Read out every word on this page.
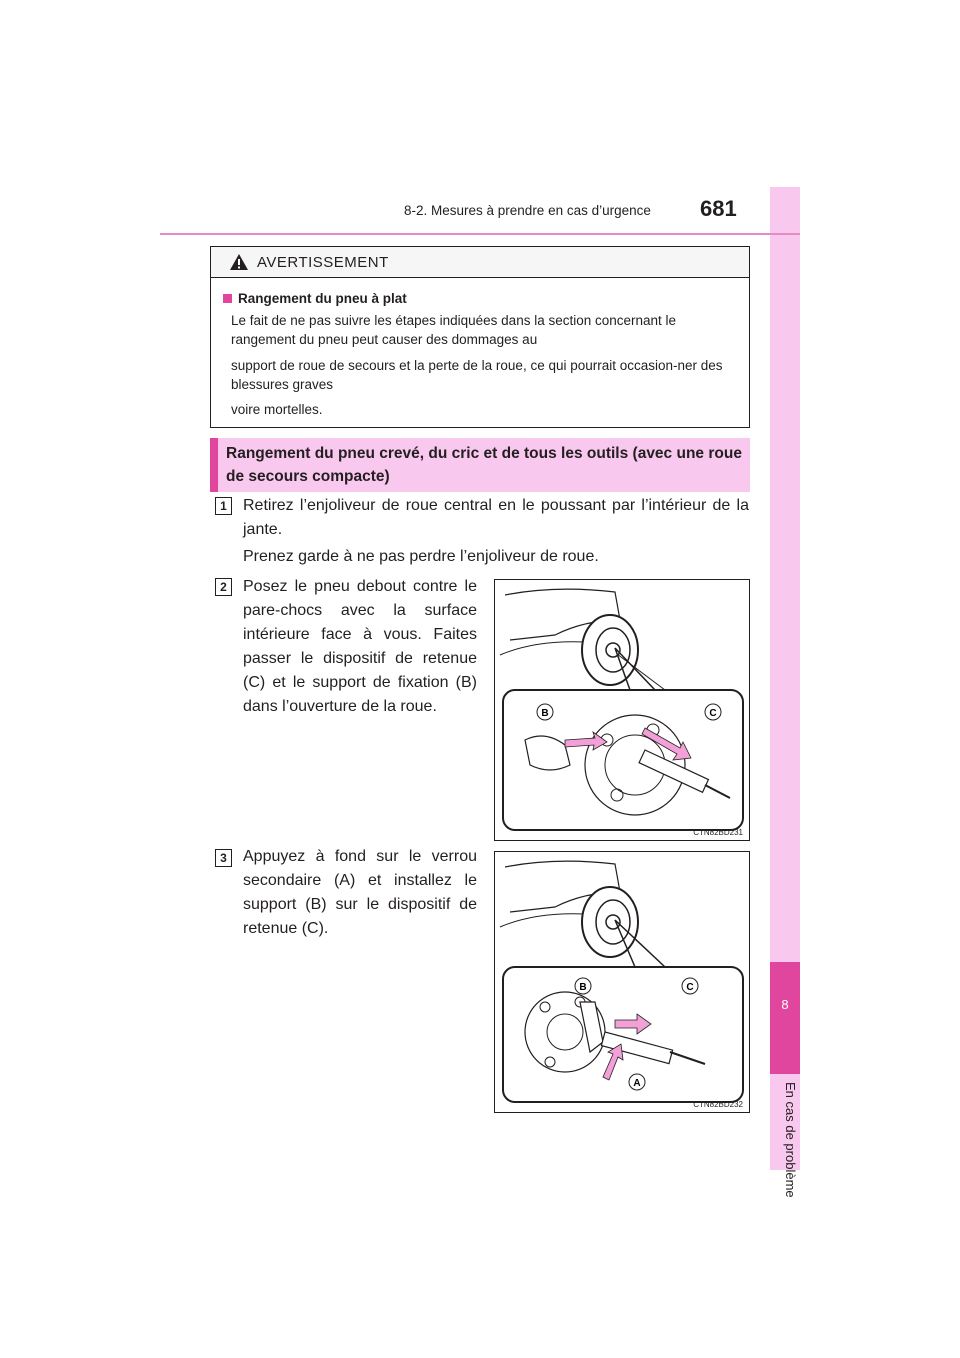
8
En cas de problème
8-2. Mesures à prendre en cas d’urgence 681
AVERTISSEMENT
Rangement du pneu à plat
Le fait de ne pas suivre les étapes indiquées dans la section concernant le rangement du pneu peut causer des dommages au
support de roue de secours et la perte de la roue, ce qui pourrait occasion-ner des blessures graves
voire mortelles.
Rangement du pneu crevé, du cric et de tous les outils (avec une roue de secours compacte)
1	Retirez l’enjoliveur de roue central en le poussant par l’intérieur de la jante.
Prenez garde à ne pas perdre l’enjoliveur de roue.
2	Posez le pneu debout contre le pare-chocs avec la surface intérieure face à vous. Faites passer le dispositif de retenue (C) et le support de fixation (B) dans l’ouverture de la roue.	B	C
CTN82BD231
3	Appuyez à fond sur le verrou secondaire (A) et installez le support (B) sur le dispositif de retenue (C).
B	C
A
CTN82BD232
